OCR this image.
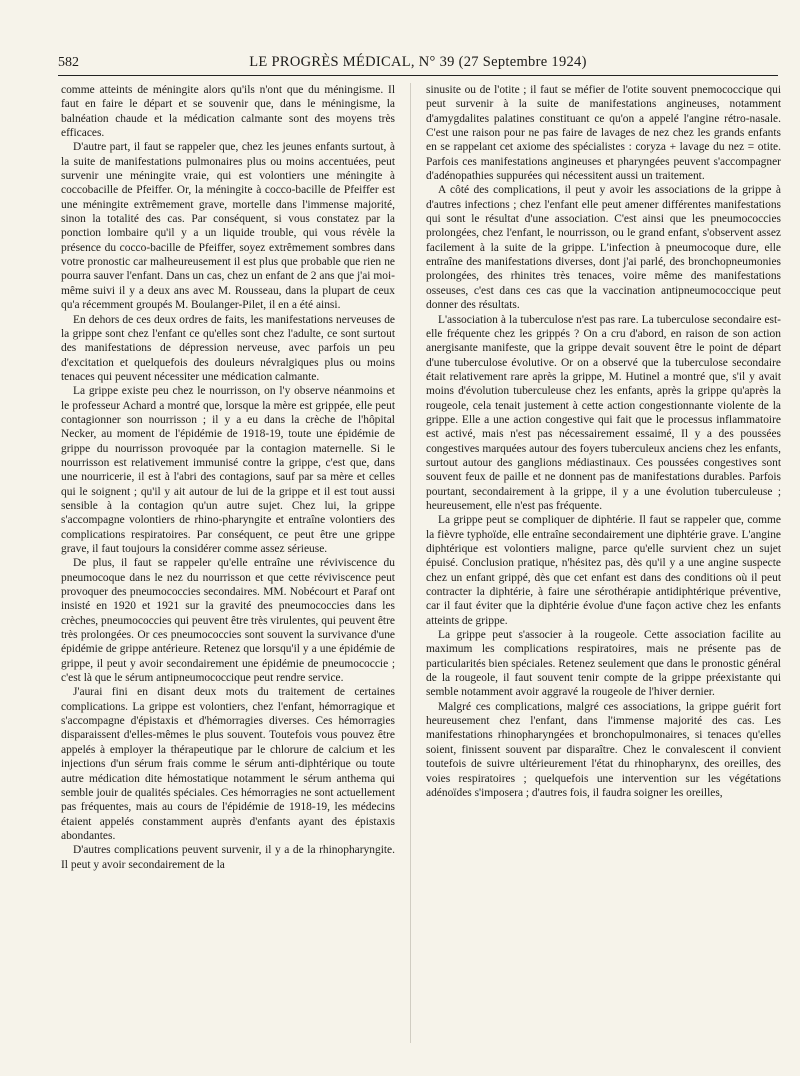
582	LE PROGRÈS MÉDICAL, N° 39 (27 Septembre 1924)

comme atteints de méningite alors qu'ils n'ont que du méningisme. Il faut en faire le départ et se souvenir que, dans le méningisme, la balnéation chaude et la médication calmante sont des moyens très efficaces.

D'autre part, il faut se rappeler que, chez les jeunes enfants surtout, à la suite de manifestations pulmonaires plus ou moins accentuées, peut survenir une méningite vraie, qui est volontiers une méningite à coccobacille de Pfeiffer. Or, la méningite à cocco-bacille de Pfeiffer est une méningite extrêmement grave, mortelle dans l'immense majorité, sinon la totalité des cas. Par conséquent, si vous constatez par la ponction lombaire qu'il y a un liquide trouble, qui vous révèle la présence du cocco-bacille de Pfeiffer, soyez extrêmement sombres dans votre pronostic car malheureusement il est plus que probable que rien ne pourra sauver l'enfant. Dans un cas, chez un enfant de 2 ans que j'ai moi-même suivi il y a deux ans avec M. Rousseau, dans la plupart de ceux qu'a récemment groupés M. Boulanger-Pilet, il en a été ainsi.

En dehors de ces deux ordres de faits, les manifestations nerveuses de la grippe sont chez l'enfant ce qu'elles sont chez l'adulte, ce sont surtout des manifestations de dépression nerveuse, avec parfois un peu d'excitation et quelquefois des douleurs névralgiques plus ou moins tenaces qui peuvent nécessiter une médication calmante.

La grippe existe peu chez le nourrisson, on l'y observe néanmoins et le professeur Achard a montré que, lorsque la mère est grippée, elle peut contagionner son nourrisson ; il y a eu dans la crèche de l'hôpital Necker, au moment de l'épidémie de 1918-19, toute une épidémie de grippe du nourrisson provoquée par la contagion maternelle. Si le nourrisson est relativement immunisé contre la grippe, c'est que, dans une nourricerie, il est à l'abri des contagions, sauf par sa mère et celles qui le soignent ; qu'il y ait autour de lui de la grippe et il est tout aussi sensible à la contagion qu'un autre sujet. Chez lui, la grippe s'accompagne volontiers de rhino-pharyngite et entraîne volontiers des complications respiratoires. Par conséquent, ce peut être une grippe grave, il faut toujours la considérer comme assez sérieuse.

De plus, il faut se rappeler qu'elle entraîne une réviviscence du pneumocoque dans le nez du nourrisson et que cette réviviscence peut provoquer des pneumococcies secondaires. MM. Nobécourt et Paraf ont insisté en 1920 et 1921 sur la gravité des pneumococcies dans les crèches, pneumococcies qui peuvent être très virulentes, qui peuvent être très prolongées. Or ces pneumococcies sont souvent la survivance d'une épidémie de grippe antérieure. Retenez que lorsqu'il y a une épidémie de grippe, il peut y avoir secondairement une épidémie de pneumococcie ; c'est là que le sérum antipneumococcique peut rendre service.

J'aurai fini en disant deux mots du traitement de certaines complications. La grippe est volontiers, chez l'enfant, hémorragique et s'accompagne d'épistaxis et d'hémorragies diverses. Ces hémorragies disparaissent d'elles-mêmes le plus souvent. Toutefois vous pouvez être appelés à employer la thérapeutique par le chlorure de calcium et les injections d'un sérum frais comme le sérum anti-diphtérique ou toute autre médication dite hémostatique notamment le sérum anthema qui semble jouir de qualités spéciales. Ces hémorragies ne sont actuellement pas fréquentes, mais au cours de l'épidémie de 1918-19, les médecins étaient appelés constamment auprès d'enfants ayant des épistaxis abondantes.

D'autres complications peuvent survenir, il y a de la rhinopharyngite. Il peut y avoir secondairement de la

sinusite ou de l'otite ; il faut se méfier de l'otite souvent pnemococcique qui peut survenir à la suite de manifestations angineuses, notamment d'amygdalites palatines constituant ce qu'on a appelé l'angine rétro-nasale. C'est une raison pour ne pas faire de lavages de nez chez les grands enfants en se rappelant cet axiome des spécialistes : coryza + lavage du nez = otite. Parfois ces manifestations angineuses et pharyngées peuvent s'accompagner d'adénopathies suppurées qui nécessitent aussi un traitement.

A côté des complications, il peut y avoir les associations de la grippe à d'autres infections ; chez l'enfant elle peut amener différentes manifestations qui sont le résultat d'une association. C'est ainsi que les pneumococcies prolongées, chez l'enfant, le nourrisson, ou le grand enfant, s'observent assez facilement à la suite de la grippe. L'infection à pneumocoque dure, elle entraîne des manifestations diverses, dont j'ai parlé, des bronchopneumonies prolongées, des rhinites très tenaces, voire même des manifestations osseuses, c'est dans ces cas que la vaccination antipneumococcique peut donner des résultats.

L'association à la tuberculose n'est pas rare. La tuberculose secondaire est-elle fréquente chez les grippés ? On a cru d'abord, en raison de son action anergisante manifeste, que la grippe devait souvent être le point de départ d'une tuberculose évolutive. Or on a observé que la tuberculose secondaire était relativement rare après la grippe, M. Hutinel a montré que, s'il y avait moins d'évolution tuberculeuse chez les enfants, après la grippe qu'après la rougeole, cela tenait justement à cette action congestionnante violente de la grippe. Elle a une action congestive qui fait que le processus inflammatoire est activé, mais n'est pas nécessairement essaimé, Il y a des poussées congestives marquées autour des foyers tuberculeux anciens chez les enfants, surtout autour des ganglions médiastinaux. Ces poussées congestives sont souvent feux de paille et ne donnent pas de manifestations durables. Parfois pourtant, secondairement à la grippe, il y a une évolution tuberculeuse ; heureusement, elle n'est pas fréquente.

La grippe peut se compliquer de diphtérie. Il faut se rappeler que, comme la fièvre typhoïde, elle entraîne secondairement une diphtérie grave. L'angine diphtérique est volontiers maligne, parce qu'elle survient chez un sujet épuisé. Conclusion pratique, n'hésitez pas, dès qu'il y a une angine suspecte chez un enfant grippé, dès que cet enfant est dans des conditions où il peut contracter la diphtérie, à faire une sérothérapie antidiphtérique préventive, car il faut éviter que la diphtérie évolue d'une façon active chez les enfants atteints de grippe.

La grippe peut s'associer à la rougeole. Cette association facilite au maximum les complications respiratoires, mais ne présente pas de particularités bien spéciales. Retenez seulement que dans le pronostic général de la rougeole, il faut souvent tenir compte de la grippe préexistante qui semble notamment avoir aggravé la rougeole de l'hiver dernier.

Malgré ces complications, malgré ces associations, la grippe guérit fort heureusement chez l'enfant, dans l'immense majorité des cas. Les manifestations rhinopharyngées et bronchopulmonaires, si tenaces qu'elles soient, finissent souvent par disparaître. Chez le convalescent il convient toutefois de suivre ultérieurement l'état du rhinopharynx, des oreilles, des voies respiratoires ; quelquefois une intervention sur les végétations adénoïdes s'imposera ; d'autres fois, il faudra soigner les oreilles,
